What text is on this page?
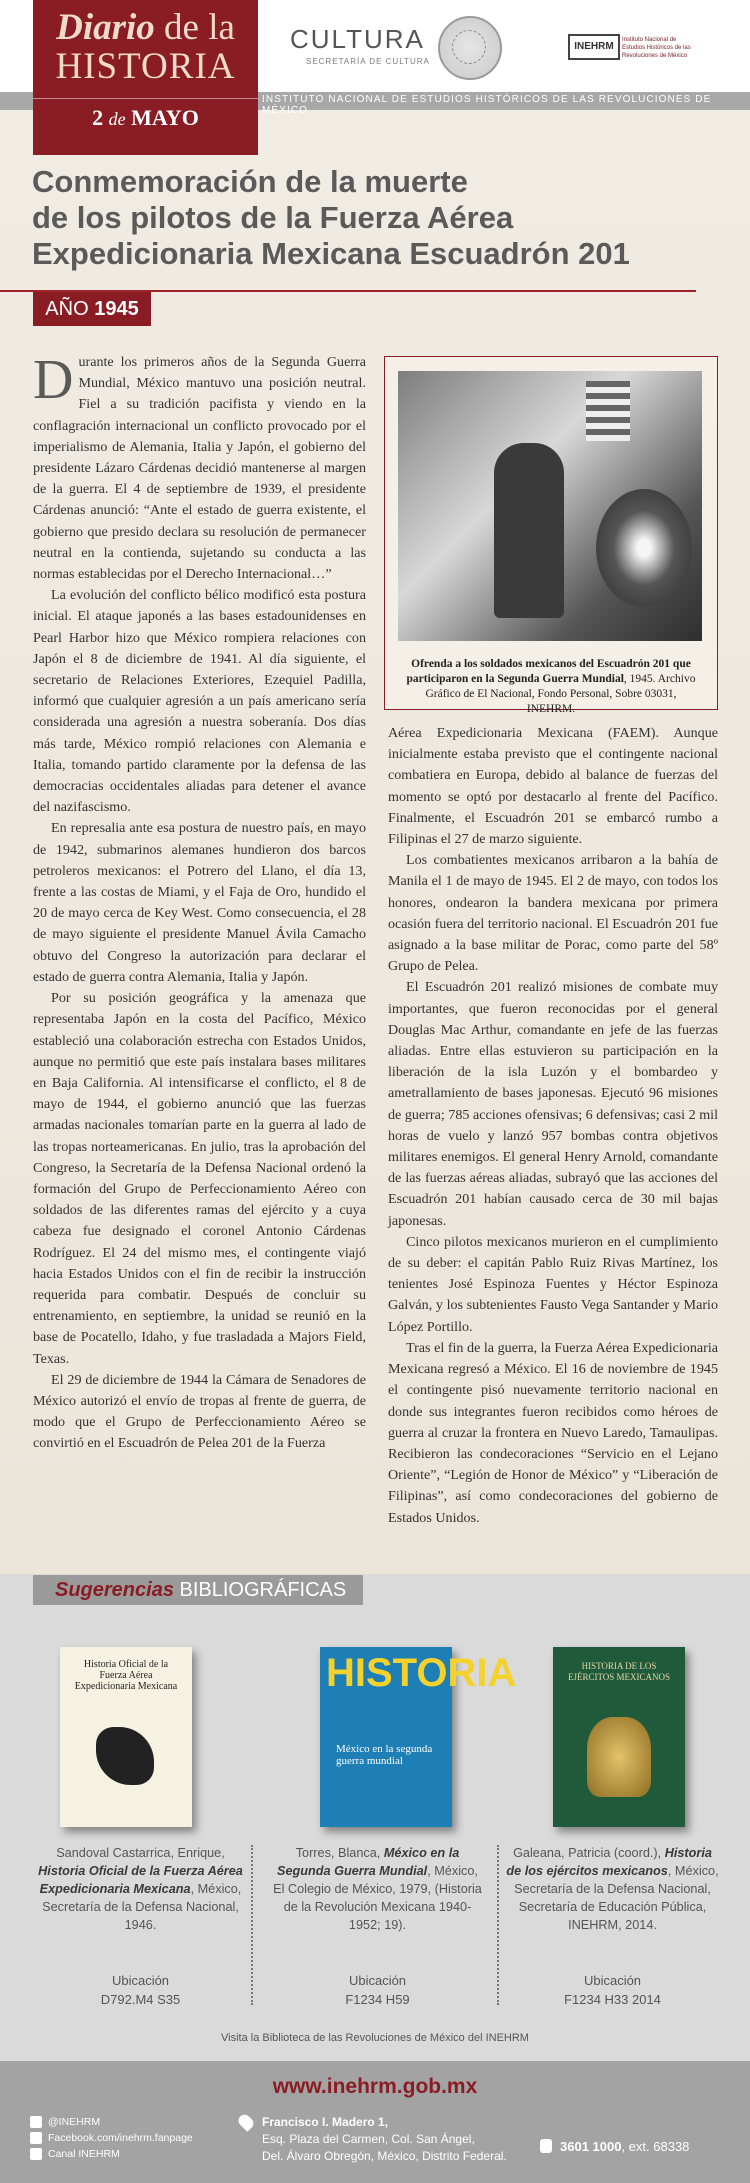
Diario de la
HISTORIA
2 de MAYO
CULTURA
SECRETARÍA DE CULTURA
INEHRM
Instituto Nacional de
Estudios Históricos de las
Revoluciones de México
INSTITUTO NACIONAL DE ESTUDIOS HISTÓRICOS DE LAS REVOLUCIONES DE MÉXICO
Conmemoración de la muerte
de los pilotos de la Fuerza Aérea
Expedicionaria Mexicana Escuadrón 201
AÑO 1945

Durante los primeros años de la Segunda Guerra Mundial, México mantuvo una posición neutral. Fiel a su tradición pacifista y viendo en la conflagración internacional un conflicto provocado por el imperialismo de Alemania, Italia y Japón, el gobierno del presidente Lázaro Cárdenas decidió mantenerse al margen de la guerra. El 4 de septiembre de 1939, el presidente Cárdenas anunció: “Ante el estado de guerra existente, el gobierno que presido declara su resolución de permanecer neutral en la contienda, sujetando su conducta a las normas establecidas por el Derecho Internacional…”

La evolución del conflicto bélico modificó esta postura inicial. El ataque japonés a las bases estadounidenses en Pearl Harbor hizo que México rompiera relaciones con Japón el 8 de diciembre de 1941. Al día siguiente, el secretario de Relaciones Exteriores, Ezequiel Padilla, informó que cualquier agresión a un país americano sería considerada una agresión a nuestra soberanía. Dos días más tarde, México rompió relaciones con Alemania e Italia, tomando partido claramente por la defensa de las democracias occidentales aliadas para detener el avance del nazifascismo.

En represalia ante esa postura de nuestro país, en mayo de 1942, submarinos alemanes hundieron dos barcos petroleros mexicanos: el Potrero del Llano, el día 13, frente a las costas de Miami, y el Faja de Oro, hundido el 20 de mayo cerca de Key West. Como consecuencia, el 28 de mayo siguiente el presidente Manuel Ávila Camacho obtuvo del Congreso la autorización para declarar el estado de guerra contra Alemania, Italia y Japón.

Por su posición geográfica y la amenaza que representaba Japón en la costa del Pacífico, México estableció una colaboración estrecha con Estados Unidos, aunque no permitió que este país instalara bases militares en Baja California. Al intensificarse el conflicto, el 8 de mayo de 1944, el gobierno anunció que las fuerzas armadas nacionales tomarían parte en la guerra al lado de las tropas norteamericanas. En julio, tras la aprobación del Congreso, la Secretaría de la Defensa Nacional ordenó la formación del Grupo de Perfeccionamiento Aéreo con soldados de las diferentes ramas del ejército y a cuya cabeza fue designado el coronel Antonio Cárdenas Rodríguez. El 24 del mismo mes, el contingente viajó hacia Estados Unidos con el fin de recibir la instrucción requerida para combatir. Después de concluir su entrenamiento, en septiembre, la unidad se reunió en la base de Pocatello, Idaho, y fue trasladada a Majors Field, Texas.

El 29 de diciembre de 1944 la Cámara de Senadores de México autorizó el envío de tropas al frente de guerra, de modo que el Grupo de Perfeccionamiento Aéreo se convirtió en el Escuadrón de Pelea 201 de la Fuerza

Ofrenda a los soldados mexicanos del Escuadrón 201 que participaron en la Segunda Guerra Mundial, 1945. Archivo Gráfico de El Nacional, Fondo Personal, Sobre 03031, INEHRM.

Aérea Expedicionaria Mexicana (FAEM). Aunque inicialmente estaba previsto que el contingente nacional combatiera en Europa, debido al balance de fuerzas del momento se optó por destacarlo al frente del Pacífico. Finalmente, el Escuadrón 201 se embarcó rumbo a Filipinas el 27 de marzo siguiente.

Los combatientes mexicanos arribaron a la bahía de Manila el 1 de mayo de 1945. El 2 de mayo, con todos los honores, ondearon la bandera mexicana por primera ocasión fuera del territorio nacional. El Escuadrón 201 fue asignado a la base militar de Porac, como parte del 58º Grupo de Pelea.

El Escuadrón 201 realizó misiones de combate muy importantes, que fueron reconocidas por el general Douglas Mac Arthur, comandante en jefe de las fuerzas aliadas. Entre ellas estuvieron su participación en la liberación de la isla Luzón y el bombardeo y ametrallamiento de bases japonesas. Ejecutó 96 misiones de guerra; 785 acciones ofensivas; 6 defensivas; casi 2 mil horas de vuelo y lanzó 957 bombas contra objetivos militares enemigos. El general Henry Arnold, comandante de las fuerzas aéreas aliadas, subrayó que las acciones del Escuadrón 201 habían causado cerca de 30 mil bajas japonesas.

Cinco pilotos mexicanos murieron en el cumplimiento de su deber: el capitán Pablo Ruiz Rivas Martínez, los tenientes José Espinoza Fuentes y Héctor Espinoza Galván, y los subtenientes Fausto Vega Santander y Mario López Portillo.

Tras el fin de la guerra, la Fuerza Aérea Expedicionaria Mexicana regresó a México. El 16 de noviembre de 1945 el contingente pisó nuevamente territorio nacional en donde sus integrantes fueron recibidos como héroes de guerra al cruzar la frontera en Nuevo Laredo, Tamaulipas. Recibieron las condecoraciones “Servicio en el Lejano Oriente”, “Legión de Honor de México” y “Liberación de Filipinas”, así como condecoraciones del gobierno de Estados Unidos.

Sugerencias BIBLIOGRÁFICAS
Historia Oficial de la Fuerza Aérea Expedicionaria Mexicana	HISTORIA
México en la segunda guerra mundial
HISTORIA DE LOS EJÉRCITOS MEXICANOS
Sandoval Castarrica, Enrique, Historia Oficial de la Fuerza Aérea Expedicionaria Mexicana, México, Secretaría de la Defensa Nacional, 1946.
Torres, Blanca, México en la Segunda Guerra Mundial, México, El Colegio de México, 1979, (Historia de la Revolución Mexicana 1940-1952; 19).
Galeana, Patricia (coord.), Historia de los ejércitos mexicanos, México, Secretaría de la Defensa Nacional, Secretaría de Educación Pública, INEHRM, 2014.
Ubicación
D792.M4 S35
Ubicación
F1234 H59
Ubicación
F1234 H33 2014
Visita la Biblioteca de las Revoluciones de México del INEHRM
www.inehrm.gob.mx
@INEHRM
Facebook.com/inehrm.fanpage
Canal INEHRM
Francisco I. Madero 1,
Esq. Plaza del Carmen, Col. San Ángel,
Del. Álvaro Obregón, México, Distrito Federal.
3601 1000, ext. 68338
